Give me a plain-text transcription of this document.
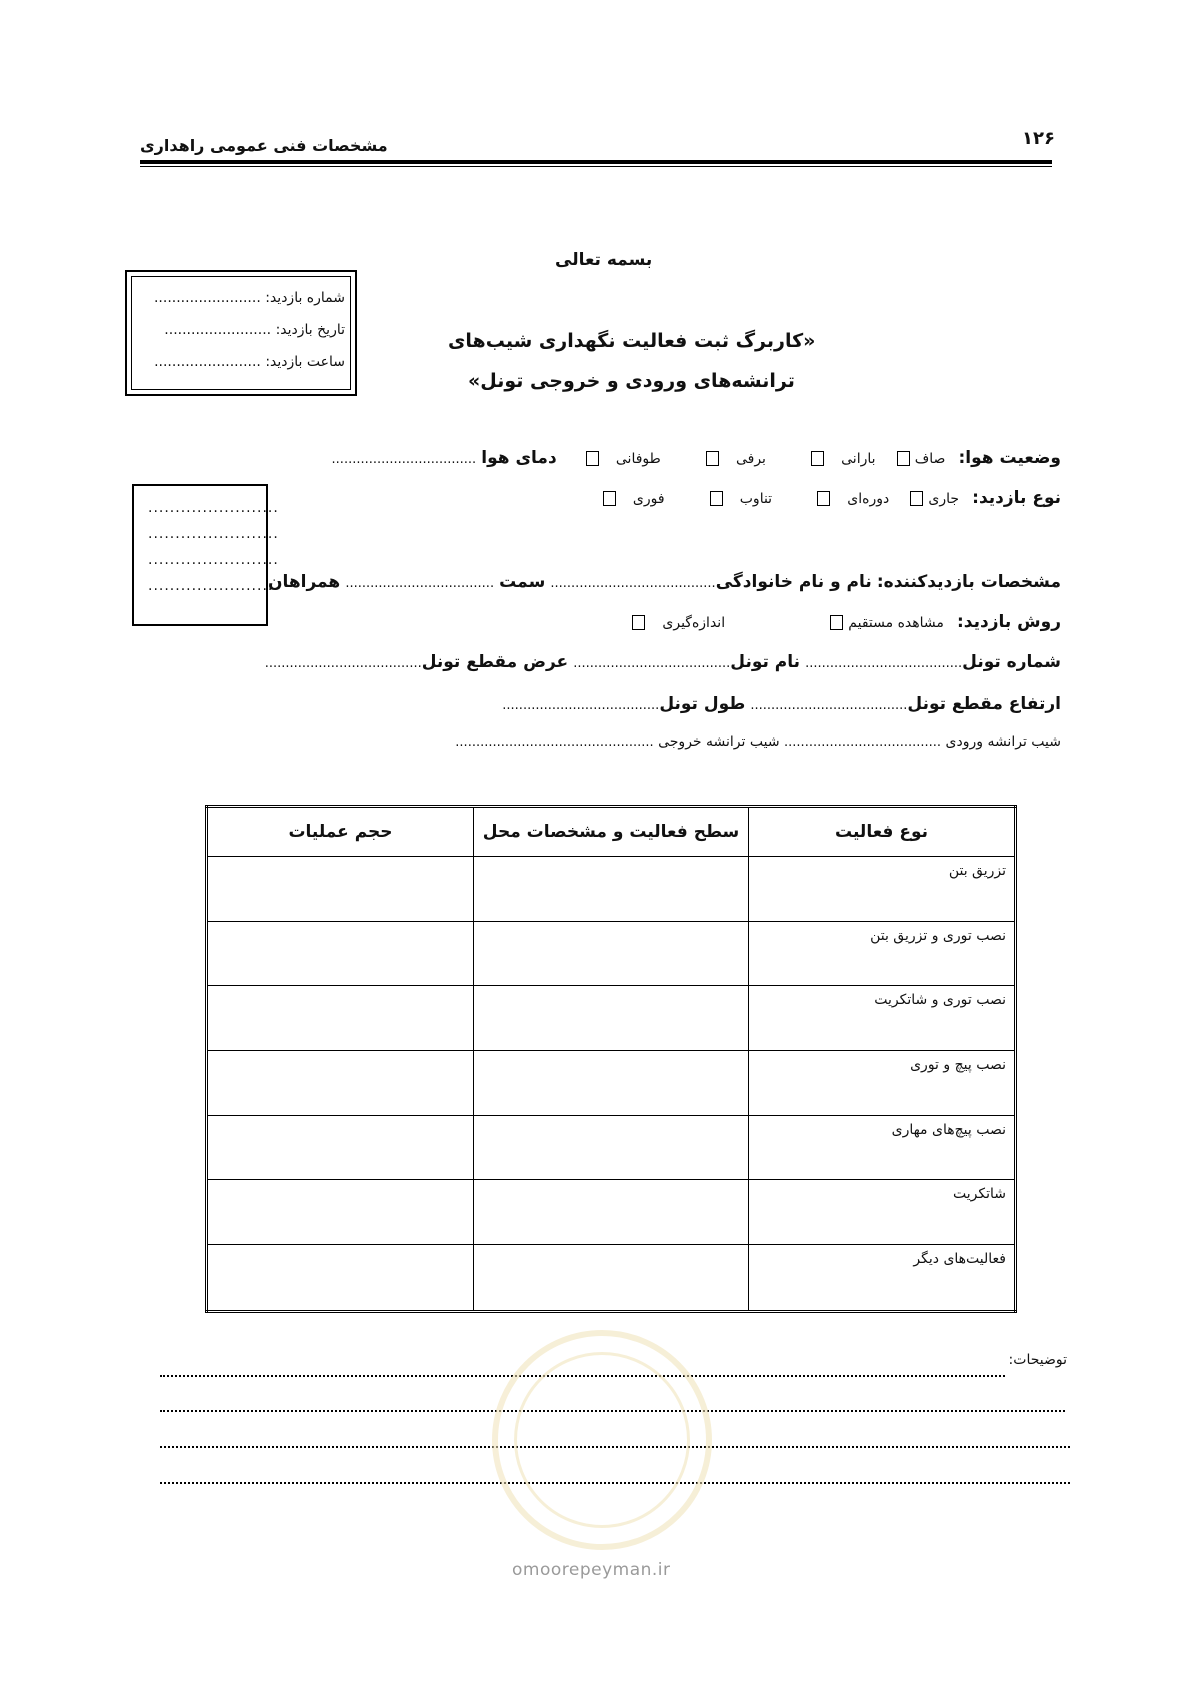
۱۲۶
مشخصات فنی عمومی راهداری
بسمه تعالی
«کاربرگ ثبت فعالیت نگهداری شیب‌های
ترانشه‌های ورودی و خروجی تونل»
شماره بازدید: ........................
تاریخ بازدید: ........................
ساعت بازدید: ........................
........................
........................
........................
........................
وضعیت هوا: صاف  بارانی  برفی  طوفانی  دمای هوا ...................................
نوع بازدید: جاری  دوره‌ای  تناوب  فوری
مشخصات بازدیدکننده: نام و نام خانوادگی........................................ سمت .................................... همراهان
روش بازدید: مشاهده مستقیم  اندازه‌گیری
شماره تونل...................................... نام تونل...................................... عرض مقطع تونل......................................
ارتفاع مقطع تونل...................................... طول تونل......................................
شیب ترانشه ورودی ...................................... شیب ترانشه خروجی ................................................
نوع فعالیت	سطح فعالیت و مشخصات محل	حجم عملیات
تزریق بتن		
نصب توری و تزریق بتن		
نصب توری و شاتکریت		
نصب پیچ و توری		
نصب پیچ‌های مهاری		
شاتکریت		
فعالیت‌های دیگر		
توضیحات:
omoorepeyman.ir
